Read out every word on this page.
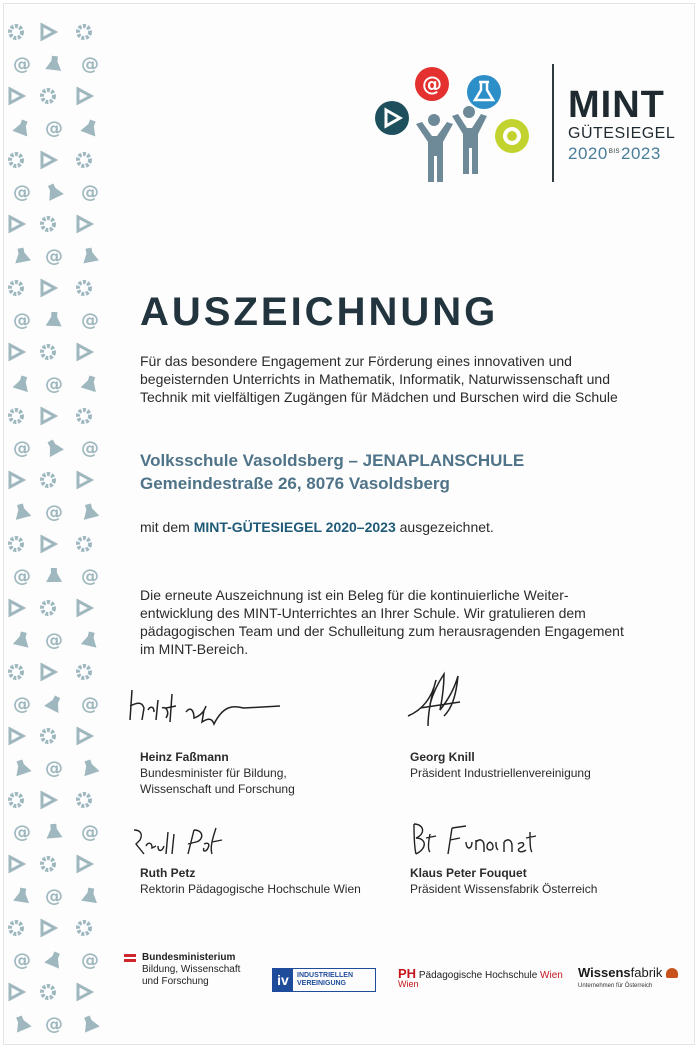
@	@
@
@	@
@
@	@
@
@	@
@
@	@
@
@	@
@
@	@
@
@	@
@
@	MINT
GÜTESIEGEL
$2020^{BIS}2023$
AUSZEICHNUNG
Für das besondere Engagement zur Förderung eines innovativen und begeisternden Unterrichts in Mathematik, Informatik, Naturwissenschaft und Technik mit vielfältigen Zugängen für Mädchen und Burschen wird die Schule
Volksschule Vasoldsberg – JENAPLANSCHULE
Gemeindestraße 26, 8076 Vasoldsberg
mit dem MINT-GÜTESIEGEL 2020–2023 ausgezeichnet.
Die erneute Auszeichnung ist ein Beleg für die kontinuierliche Weiter-entwicklung des MINT-Unterrichtes an Ihrer Schule. Wir gratulieren dem pädagogischen Team und der Schulleitung zum herausragenden Engagement im MINT-Bereich.
Heinz Faßmann
Bundesminister für Bildung,
Wissenschaft und Forschung
Georg Knill
Präsident Industriellenvereinigung
Ruth Petz
Rektorin Pädagogische Hochschule Wien
Klaus Peter Fouquet
Präsident Wissensfabrik Österreich
Bundesministerium
Bildung, Wissenschaft
und Forschung	iv	INDUSTRIELLEN
VEREINIGUNG
PH Pädagogische Hochschule Wien
Wien
Wissensfabrik
Unternehmen für Österreich
